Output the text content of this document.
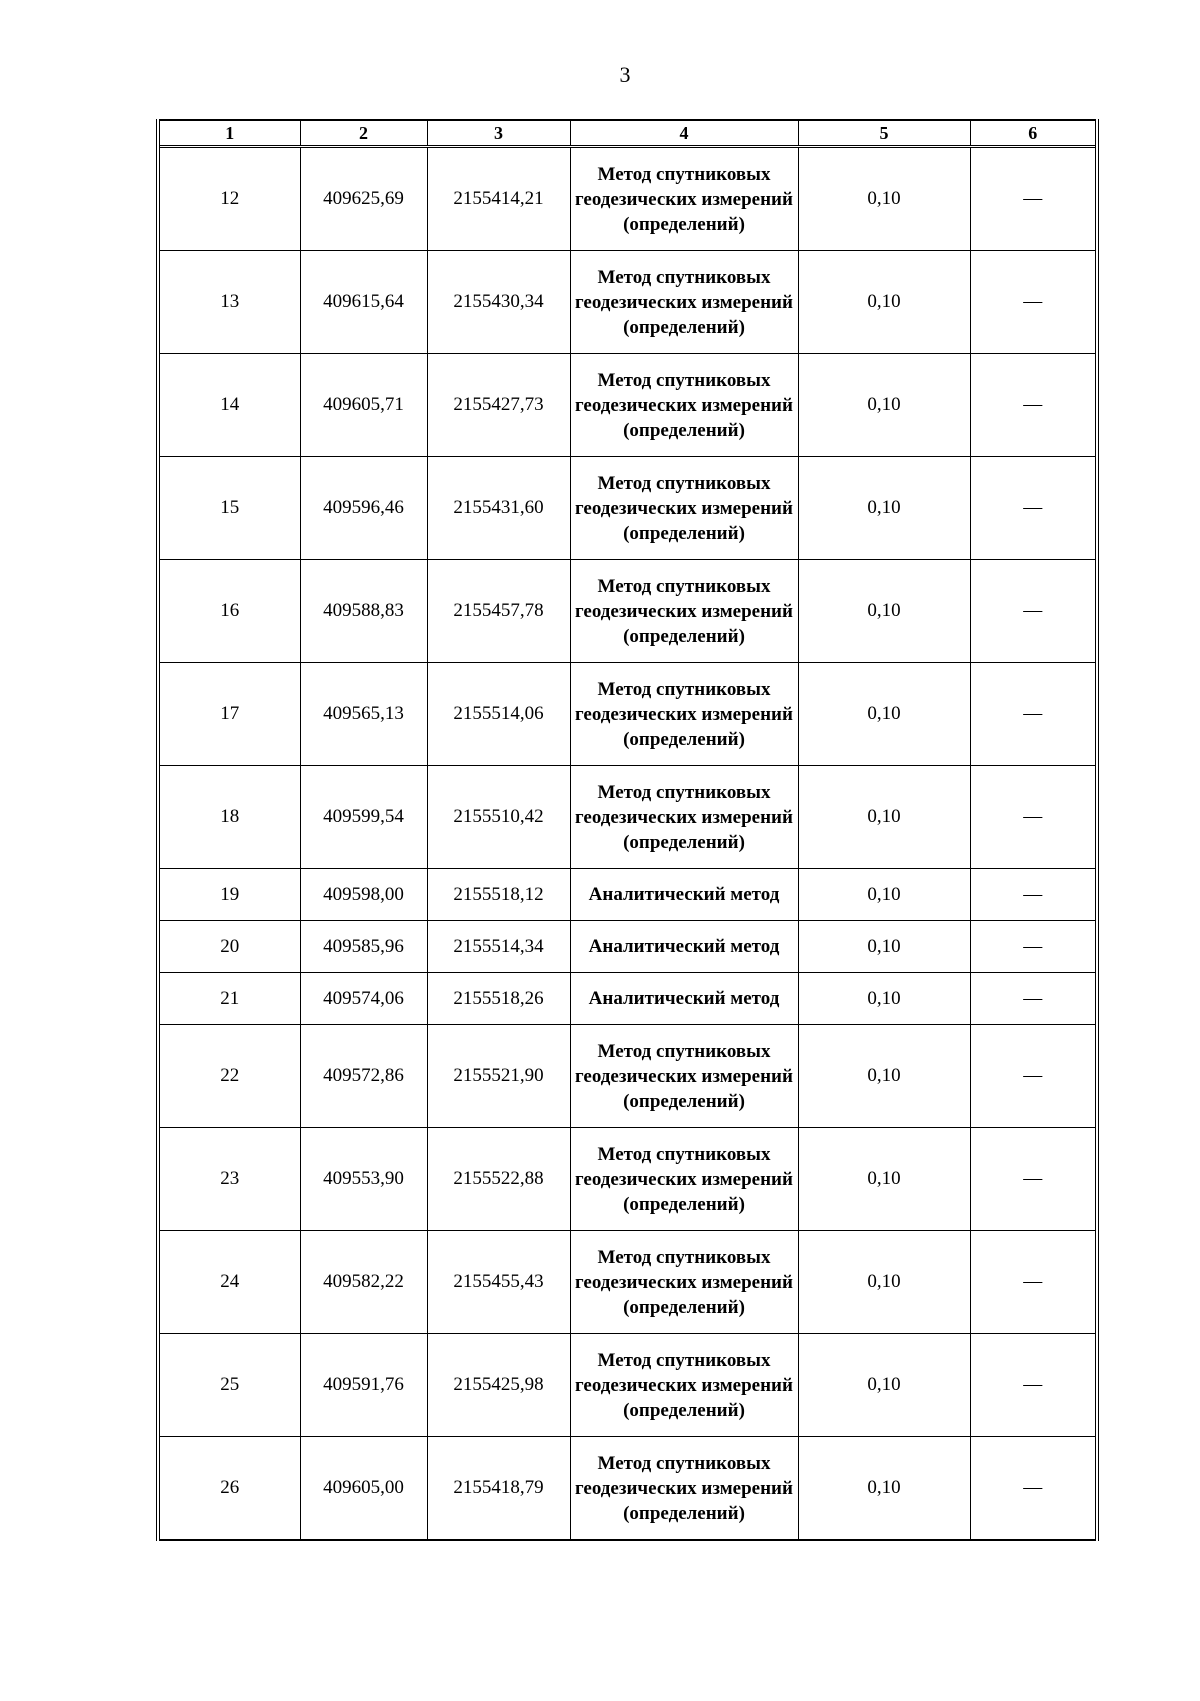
3
1	2	3	4	5	6
12	409625,69	2155414,21	Метод спутниковых геодезических измерений (определений)	0,10	—
13	409615,64	2155430,34	Метод спутниковых геодезических измерений (определений)	0,10	—
14	409605,71	2155427,73	Метод спутниковых геодезических измерений (определений)	0,10	—
15	409596,46	2155431,60	Метод спутниковых геодезических измерений (определений)	0,10	—
16	409588,83	2155457,78	Метод спутниковых геодезических измерений (определений)	0,10	—
17	409565,13	2155514,06	Метод спутниковых геодезических измерений (определений)	0,10	—
18	409599,54	2155510,42	Метод спутниковых геодезических измерений (определений)	0,10	—
19	409598,00	2155518,12	Аналитический метод	0,10	—
20	409585,96	2155514,34	Аналитический метод	0,10	—
21	409574,06	2155518,26	Аналитический метод	0,10	—
22	409572,86	2155521,90	Метод спутниковых геодезических измерений (определений)	0,10	—
23	409553,90	2155522,88	Метод спутниковых геодезических измерений (определений)	0,10	—
24	409582,22	2155455,43	Метод спутниковых геодезических измерений (определений)	0,10	—
25	409591,76	2155425,98	Метод спутниковых геодезических измерений (определений)	0,10	—
26	409605,00	2155418,79	Метод спутниковых геодезических измерений (определений)	0,10	—
